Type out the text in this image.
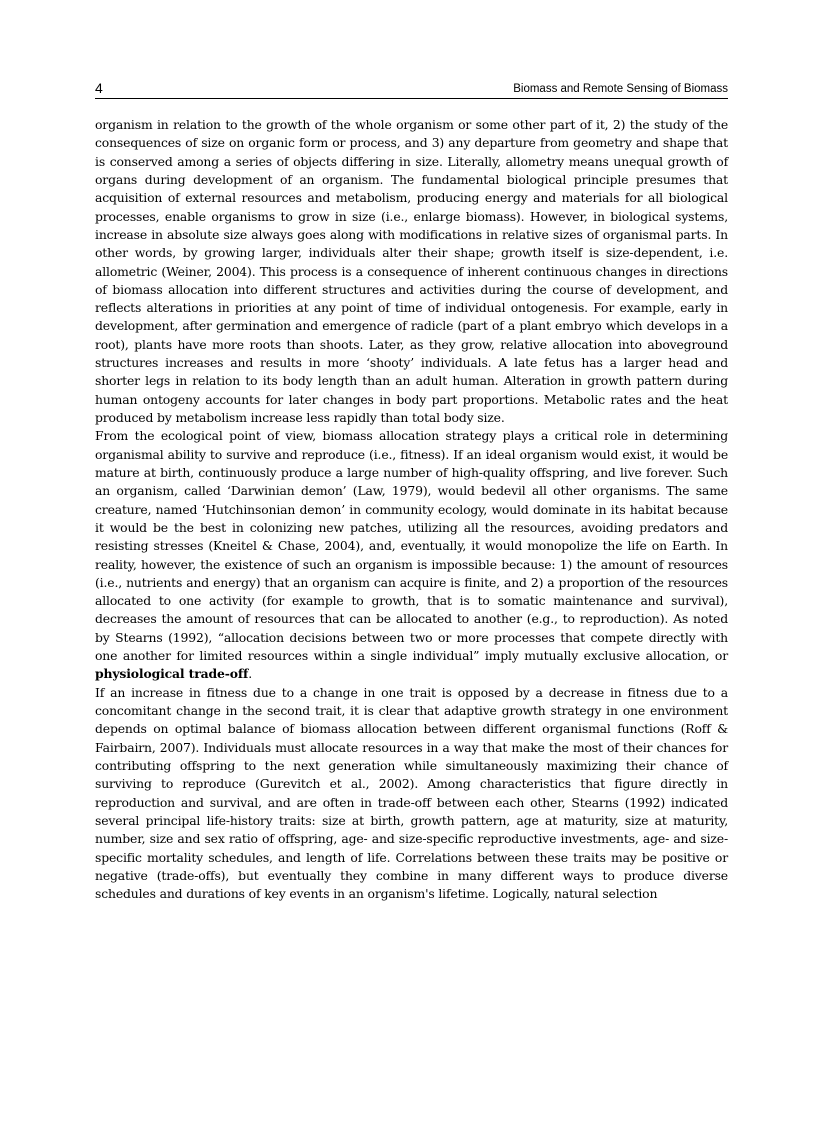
4	Biomass and Remote Sensing of Biomass

organism in relation to the growth of the whole organism or some other part of it, 2) the study of the consequences of size on organic form or process, and 3) any departure from geometry and shape that is conserved among a series of objects differing in size. Literally, allometry means unequal growth of organs during development of an organism. The fundamental biological principle presumes that acquisition of external resources and metabolism, producing energy and materials for all biological processes, enable organisms to grow in size (i.e., enlarge biomass). However, in biological systems, increase in absolute size always goes along with modifications in relative sizes of organismal parts. In other words, by growing larger, individuals alter their shape; growth itself is size-dependent, i.e. allometric (Weiner, 2004). This process is a consequence of inherent continuous changes in directions of biomass allocation into different structures and activities during the course of development, and reflects alterations in priorities at any point of time of individual ontogenesis. For example, early in development, after germination and emergence of radicle (part of a plant embryo which develops in a root), plants have more roots than shoots. Later, as they grow, relative allocation into aboveground structures increases and results in more ‘shooty’ individuals. A late fetus has a larger head and shorter legs in relation to its body length than an adult human. Alteration in growth pattern during human ontogeny accounts for later changes in body part proportions. Metabolic rates and the heat produced by metabolism increase less rapidly than total body size.

From the ecological point of view, biomass allocation strategy plays a critical role in determining organismal ability to survive and reproduce (i.e., fitness). If an ideal organism would exist, it would be mature at birth, continuously produce a large number of high-quality offspring, and live forever. Such an organism, called ‘Darwinian demon’ (Law, 1979), would bedevil all other organisms. The same creature, named ‘Hutchinsonian demon’ in community ecology, would dominate in its habitat because it would be the best in colonizing new patches, utilizing all the resources, avoiding predators and resisting stresses (Kneitel & Chase, 2004), and, eventually, it would monopolize the life on Earth. In reality, however, the existence of such an organism is impossible because: 1) the amount of resources (i.e., nutrients and energy) that an organism can acquire is finite, and 2) a proportion of the resources allocated to one activity (for example to growth, that is to somatic maintenance and survival), decreases the amount of resources that can be allocated to another (e.g., to reproduction). As noted by Stearns (1992), “allocation decisions between two or more processes that compete directly with one another for limited resources within a single individual” imply mutually exclusive allocation, or physiological trade-off.

If an increase in fitness due to a change in one trait is opposed by a decrease in fitness due to a concomitant change in the second trait, it is clear that adaptive growth strategy in one environment depends on optimal balance of biomass allocation between different organismal functions (Roff & Fairbairn, 2007). Individuals must allocate resources in a way that make the most of their chances for contributing offspring to the next generation while simultaneously maximizing their chance of surviving to reproduce (Gurevitch et al., 2002). Among characteristics that figure directly in reproduction and survival, and are often in trade-off between each other, Stearns (1992) indicated several principal life-history traits: size at birth, growth pattern, age at maturity, size at maturity, number, size and sex ratio of offspring, age- and size-specific reproductive investments, age- and size-specific mortality schedules, and length of life. Correlations between these traits may be positive or negative (trade-offs), but eventually they combine in many different ways to produce diverse schedules and durations of key events in an organism's lifetime. Logically, natural selection
